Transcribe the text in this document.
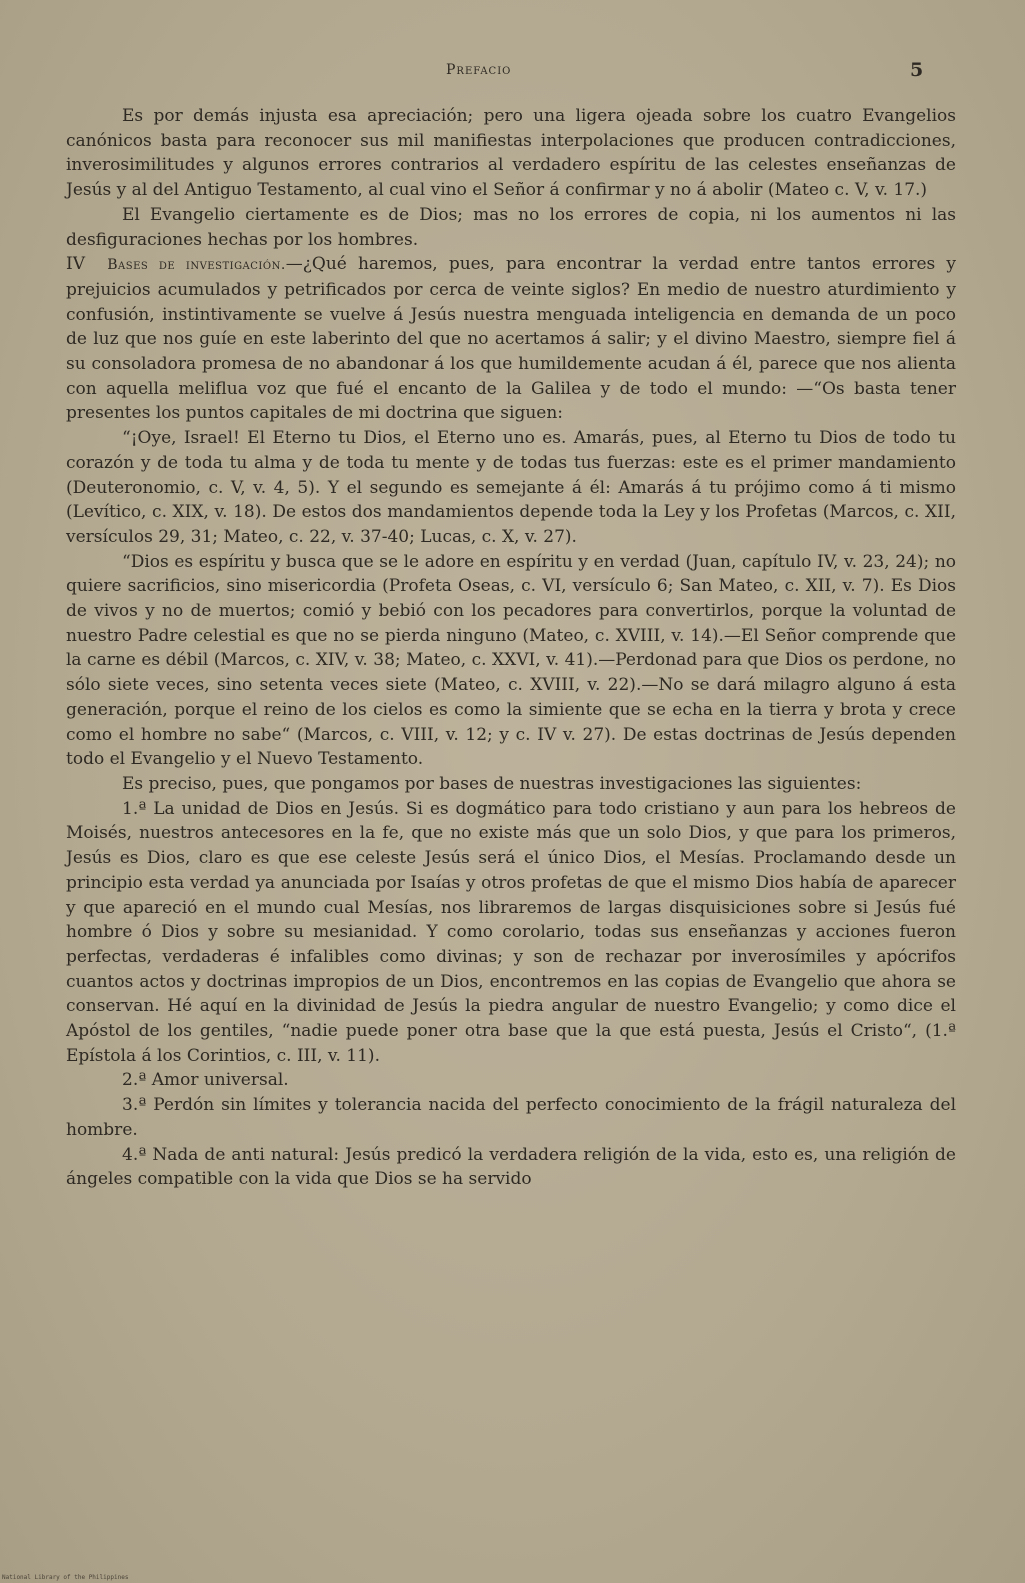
Prefacio	5

Es por demás injusta esa apreciación; pero una ligera ojeada sobre los cuatro Evangelios canónicos basta para reconocer sus mil manifiestas interpolaciones que producen contradicciones, inverosimilitudes y algunos errores contrarios al verdadero espíritu de las celestes enseñanzas de Jesús y al del Antiguo Testamento, al cual vino el Señor á confirmar y no á abolir (Mateo c. V, v. 17.)

El Evangelio ciertamente es de Dios; mas no los errores de copia, ni los aumentos ni las desfiguraciones hechas por los hombres.

IV Bases de investigación.—¿Qué haremos, pues, para encontrar la verdad entre tantos errores y prejuicios acumulados y petrificados por cerca de veinte siglos? En medio de nuestro aturdimiento y confusión, instintivamente se vuelve á Jesús nuestra menguada inteligencia en demanda de un poco de luz que nos guíe en este laberinto del que no acertamos á salir; y el divino Maestro, siempre fiel á su consoladora promesa de no abandonar á los que humildemente acudan á él, parece que nos alienta con aquella meliflua voz que fué el encanto de la Galilea y de todo el mundo: —“Os basta tener presentes los puntos capitales de mi doctrina que siguen:

“¡Oye, Israel! El Eterno tu Dios, el Eterno uno es. Amarás, pues, al Eterno tu Dios de todo tu corazón y de toda tu alma y de toda tu mente y de todas tus fuerzas: este es el primer mandamiento (Deuteronomio, c. V, v. 4, 5). Y el segundo es semejante á él: Amarás á tu prójimo como á ti mismo (Levítico, c. XIX, v. 18). De estos dos mandamientos depende toda la Ley y los Profetas (Marcos, c. XII, versículos 29, 31; Mateo, c. 22, v. 37-40; Lucas, c. X, v. 27).

“Dios es espíritu y busca que se le adore en espíritu y en verdad (Juan, capítulo IV, v. 23, 24); no quiere sacrificios, sino misericordia (Profeta Oseas, c. VI, versículo 6; San Mateo, c. XII, v. 7). Es Dios de vivos y no de muertos; comió y bebió con los pecadores para convertirlos, porque la voluntad de nuestro Padre celestial es que no se pierda ninguno (Mateo, c. XVIII, v. 14).—El Señor comprende que la carne es débil (Marcos, c. XIV, v. 38; Mateo, c. XXVI, v. 41).—Perdonad para que Dios os perdone, no sólo siete veces, sino setenta veces siete (Mateo, c. XVIII, v. 22).—No se dará milagro alguno á esta generación, porque el reino de los cielos es como la simiente que se echa en la tierra y brota y crece como el hombre no sabe“ (Marcos, c. VIII, v. 12; y c. IV v. 27). De estas doctrinas de Jesús dependen todo el Evangelio y el Nuevo Testamento.

Es preciso, pues, que pongamos por bases de nuestras investigaciones las siguientes:

1.ª La unidad de Dios en Jesús. Si es dogmático para todo cristiano y aun para los hebreos de Moisés, nuestros antecesores en la fe, que no existe más que un solo Dios, y que para los primeros, Jesús es Dios, claro es que ese celeste Jesús será el único Dios, el Mesías. Proclamando desde un principio esta verdad ya anunciada por Isaías y otros profetas de que el mismo Dios había de aparecer y que apareció en el mundo cual Mesías, nos libraremos de largas disquisiciones sobre si Jesús fué hombre ó Dios y sobre su mesianidad. Y como corolario, todas sus enseñanzas y acciones fueron perfectas, verdaderas é infalibles como divinas; y son de rechazar por inverosímiles y apócrifos cuantos actos y doctrinas impropios de un Dios, encontremos en las copias de Evangelio que ahora se conservan. Hé aquí en la divinidad de Jesús la piedra angular de nuestro Evangelio; y como dice el Apóstol de los gentiles, “nadie puede poner otra base que la que está puesta, Jesús el Cristo“, (1.ª Epístola á los Corintios, c. III, v. 11).

2.ª Amor universal.

3.ª Perdón sin límites y tolerancia nacida del perfecto conocimiento de la frágil naturaleza del hombre.

4.ª Nada de anti natural: Jesús predicó la verdadera religión de la vida, esto es, una religión de ángeles compatible con la vida que Dios se ha servido

National Library of the Philippines
